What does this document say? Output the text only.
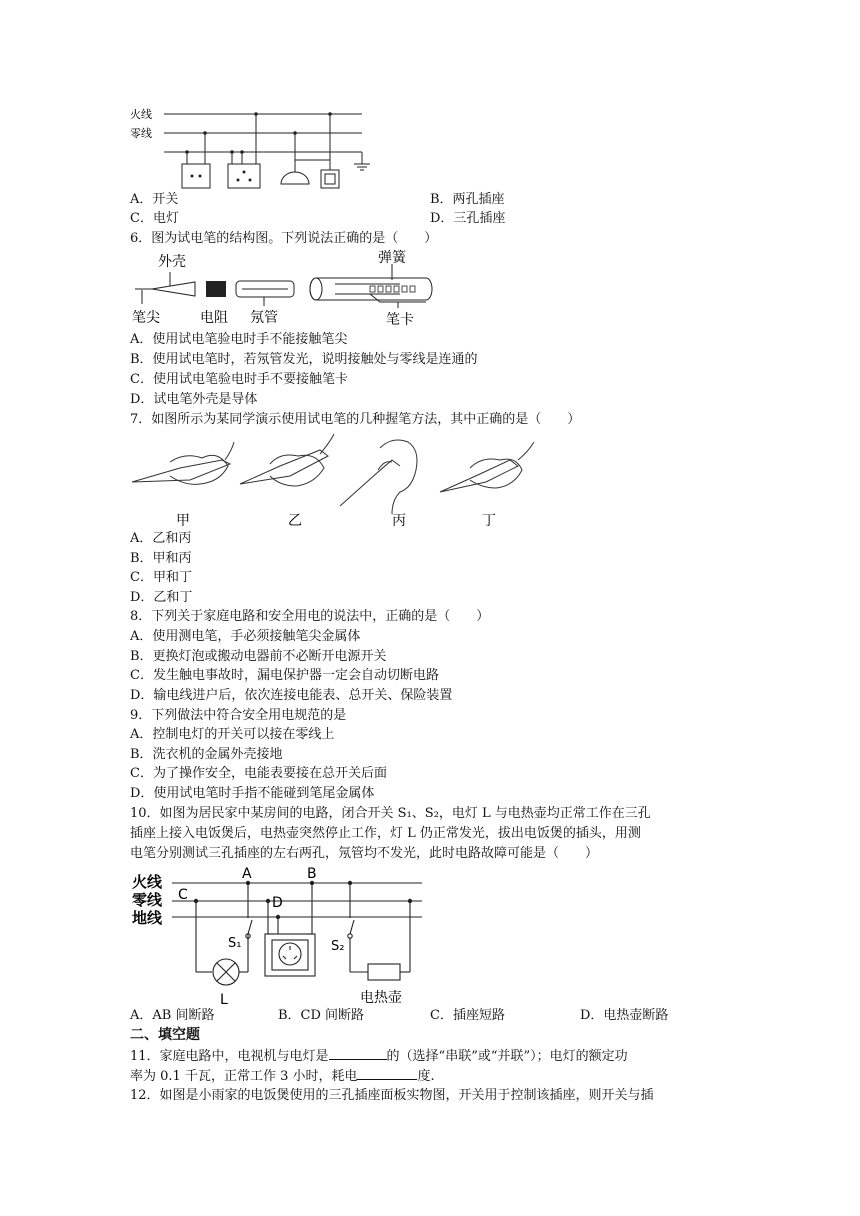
火线
零线
A．开关	B．两孔插座
C．电灯	D．三孔插座
6．图为试电笔的结构图。下列说法正确的是（　　）
外壳	弹簧
笔尖	电阻 氖管	笔卡
A．使用试电笔验电时手不能接触笔尖
B．使用试电笔时，若氖管发光，说明接触处与零线是连通的
C．使用试电笔验电时手不要接触笔卡
D．试电笔外壳是导体
7．如图所示为某同学演示使用试电笔的几种握笔方法，其中正确的是（　　）
甲	乙	丙	丁
A．乙和丙
B．甲和丙
C．甲和丁
D．乙和丁
8．下列关于家庭电路和安全用电的说法中，正确的是（　　）
A．使用测电笔，手必须接触笔尖金属体
B．更换灯泡或搬动电器前不必断开电源开关
C．发生触电事故时，漏电保护器一定会自动切断电路
D．输电线进户后，依次连接电能表、总开关、保险装置
9．下列做法中符合安全用电规范的是
A．控制电灯的开关可以接在零线上
B．洗衣机的金属外壳接地
C．为了操作安全，电能表要接在总开关后面
D．使用试电笔时手指不能碰到笔尾金属体
10．如图为居民家中某房间的电路，闭合开关 S₁、S₂，电灯 L 与电热壶均正常工作在三孔
插座上接入电饭煲后，电热壶突然停止工作，灯 L 仍正常发光，拔出电饭煲的插头，用测
电笔分别测试三孔插座的左右两孔，氖管均不发光，此时电路故障可能是（　　）
火线
零线
地线
A	B
C	D
S₁	S₂
L	电热壶
A．AB 间断路	B．CD 间断路	C．插座短路	D．电热壶断路
二、填空题
11．家庭电路中，电视机与电灯是	的（选择“串联”或“并联”）；电灯的额定功
率为 0.1 千瓦，正常工作 3 小时，耗电	度.
12．如图是小雨家的电饭煲使用的三孔插座面板实物图，开关用于控制该插座，则开关与插
